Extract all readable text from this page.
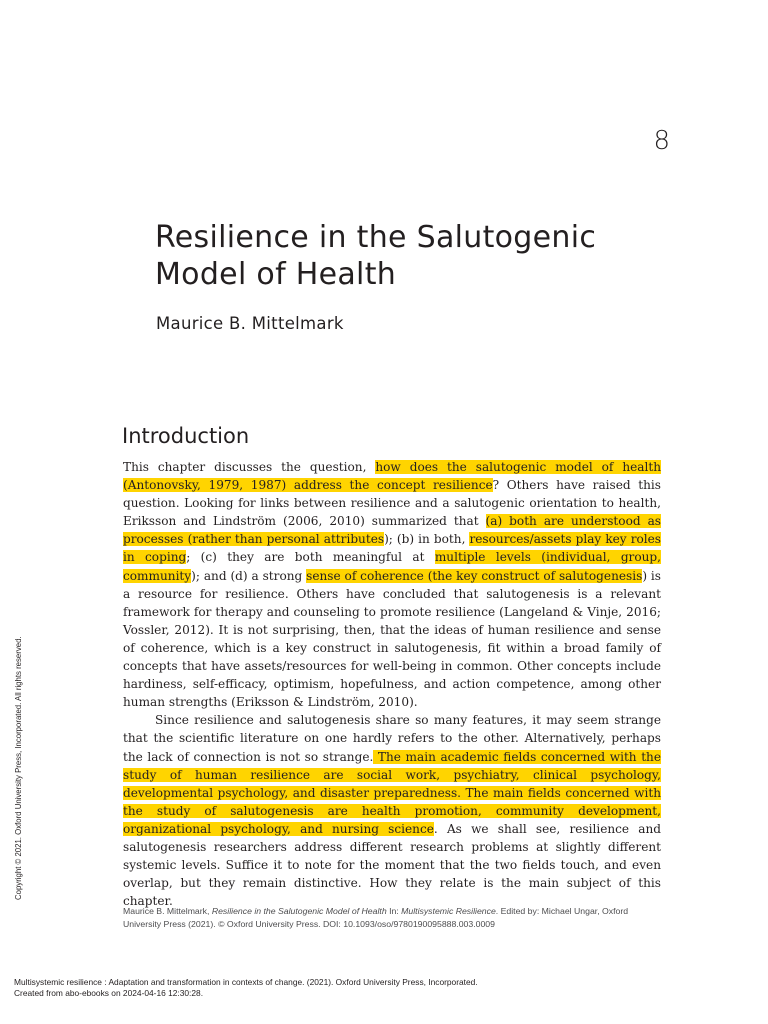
8
Resilience in the Salutogenic
Model of Health
Maurice B. Mittelmark
Introduction

This chapter discusses the question, how does the salutogenic model of health (Antonovsky, 1979, 1987) address the concept resilience? Others have raised this question. Looking for links between resilience and a salutogenic orientation to health, Eriksson and Lindström (2006, 2010) summarized that (a) both are understood as processes (rather than personal attributes); (b) in both, resources/assets play key roles in coping; (c) they are both meaningful at multiple levels (individual, group, community); and (d) a strong sense of coherence (the key construct of salutogenesis) is a resource for resilience. Others have concluded that salutogenesis is a relevant framework for therapy and counseling to promote resilience (Langeland & Vinje, 2016; Vossler, 2012). It is not surprising, then, that the ideas of human resilience and sense of coherence, which is a key construct in salutogenesis, fit within a broad family of concepts that have assets/resources for well-being in common. Other concepts include hardiness, self-efficacy, optimism, hopefulness, and action competence, among other human strengths (Eriksson & Lindström, 2010).

Since resilience and salutogenesis share so many features, it may seem strange that the scientific literature on one hardly refers to the other. Alternatively, perhaps the lack of connection is not so strange. The main academic fields concerned with the study of human resilience are social work, psychiatry, clinical psychology, developmental psychology, and disaster preparedness. The main fields concerned with the study of salutogenesis are health promotion, community development, organizational psychology, and nursing science. As we shall see, resilience and salutogenesis researchers address different research problems at slightly different systemic levels. Suffice it to note for the moment that the two fields touch, and even overlap, but they remain distinctive. How they relate is the main subject of this chapter.

Maurice B. Mittelmark, Resilience in the Salutogenic Model of Health In: Multisystemic Resilience. Edited by: Michael Ungar, Oxford University Press (2021). © Oxford University Press. DOI: 10.1093/oso/9780190095888.003.0009
Copyright © 2021. Oxford University Press, Incorporated. All rights reserved.
Multisystemic resilience : Adaptation and transformation in contexts of change. (2021). Oxford University Press, Incorporated.
Created from abo-ebooks on 2024-04-16 12:30:28.
